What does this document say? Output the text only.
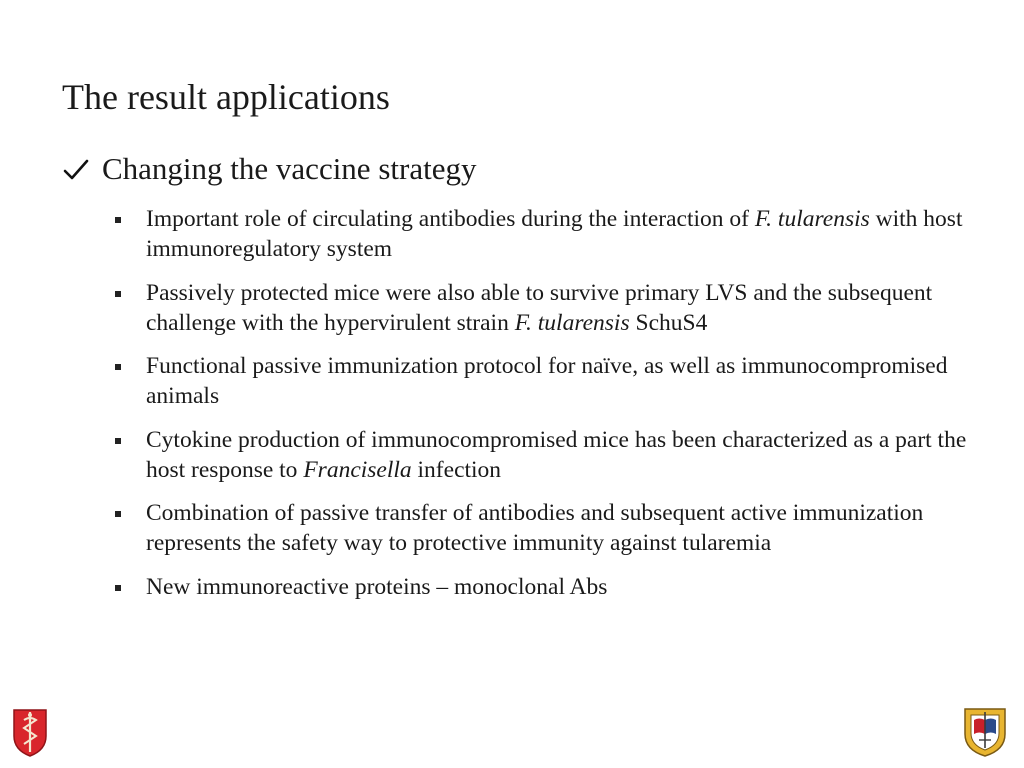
The result applications
Changing the vaccine strategy
Important role of circulating antibodies during the interaction of F. tularensis with host immunoregulatory system
Passively protected mice were also able to survive primary LVS and the subsequent challenge with the hypervirulent strain F. tularensis SchuS4
Functional passive immunization protocol for naïve, as well as immunocompromised animals
Cytokine production of immunocompromised mice has been characterized as a part the host response to Francisella infection
Combination of passive transfer of antibodies and subsequent active immunization represents the safety way to protective immunity against tularemia
New immunoreactive proteins – monoclonal Abs
